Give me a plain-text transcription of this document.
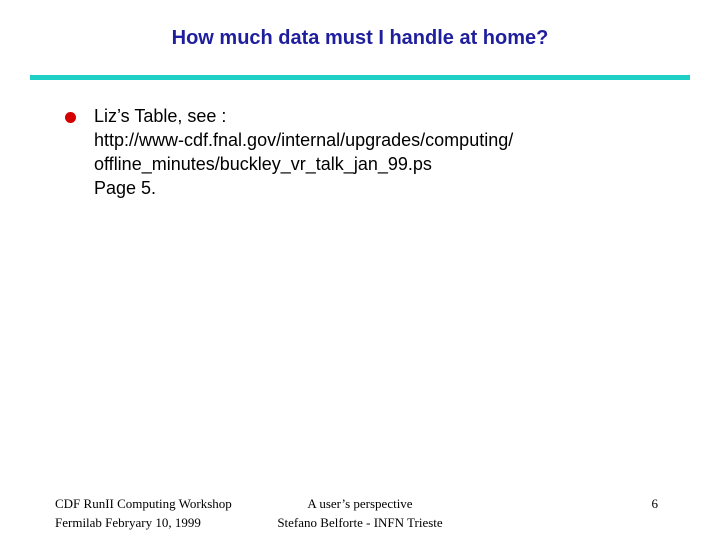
How much data must I handle at home?
Liz’s Table, see :
http://www-cdf.fnal.gov/internal/upgrades/computing/
offline_minutes/buckley_vr_talk_jan_99.ps
Page 5.
CDF RunII Computing Workshop
Fermilab Febryary 10, 1999
A user’s perspective
Stefano Belforte - INFN Trieste
6
